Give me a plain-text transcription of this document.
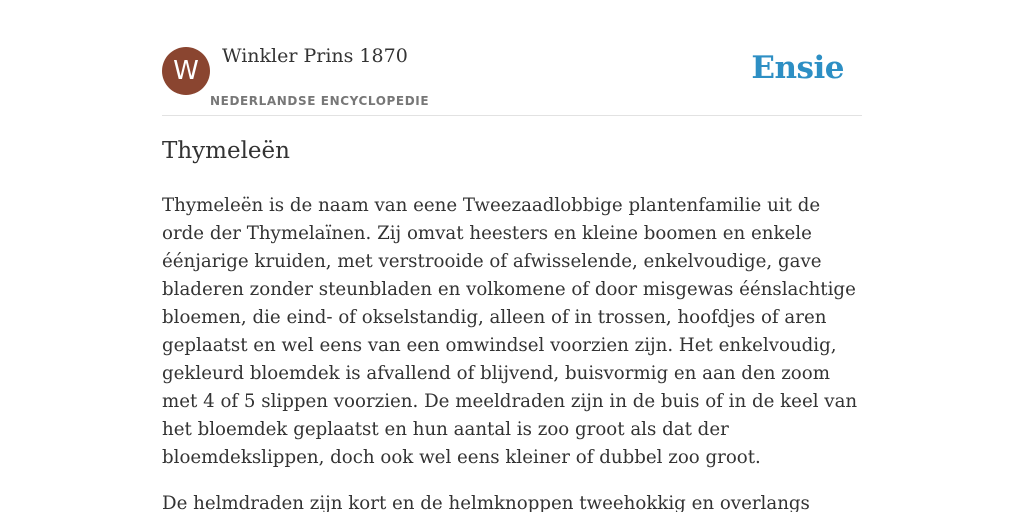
W	Winkler Prins 1870
NEDERLANDSE ENCYCLOPEDIE
Ensie
Thymeleën

Thymeleën is de naam van eene Tweezaadlobbige plantenfamilie uit de orde der Thymelaïnen. Zij omvat heesters en kleine boomen en enkele éénjarige kruiden, met verstrooide of afwisselende, enkelvoudige, gave bladeren zonder steunbladen en volkomene of door misgewas éénslachtige bloemen, die eind- of okselstandig, alleen of in trossen, hoofdjes of aren geplaatst en wel eens van een omwindsel voorzien zijn. Het enkelvoudig, gekleurd bloemdek is afvallend of blijvend, buisvormig en aan den zoom met 4 of 5 slippen voorzien. De meeldraden zijn in de buis of in de keel van het bloemdek geplaatst en hun aantal is zoo groot als dat der bloemdekslippen, doch ook wel eens kleiner of dubbel zoo groot.

De helmdraden zijn kort en de helmknoppen tweehokkig en overlangs
